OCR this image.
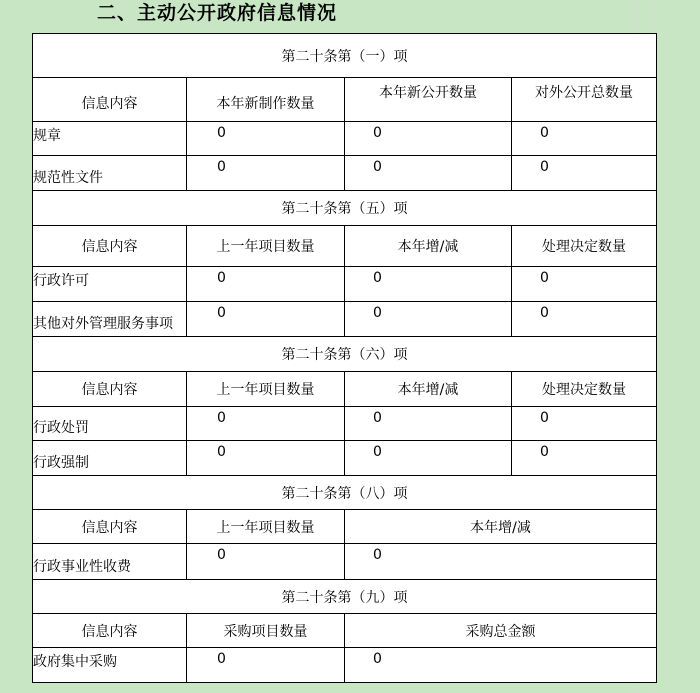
二、主动公开政府信息情况
第二十条第（一）项			
信息内容	本年新制作数量	本年新公开数量	对外公开总数量
规章	0	0	0
规范性文件	0	0	0
第二十条第（五）项			
信息内容	上一年项目数量	本年增/减	处理决定数量
行政许可	0	0	0
其他对外管理服务事项	0	0	0
第二十条第（六）项			
信息内容	上一年项目数量	本年增/减	处理决定数量
行政处罚	0	0	0
行政强制	0	0	0
第二十条第（八）项			
信息内容	上一年项目数量	本年增/减	
行政事业性收费	0	0	
第二十条第（九）项			
信息内容	采购项目数量	采购总金额	
政府集中采购	0	0	
